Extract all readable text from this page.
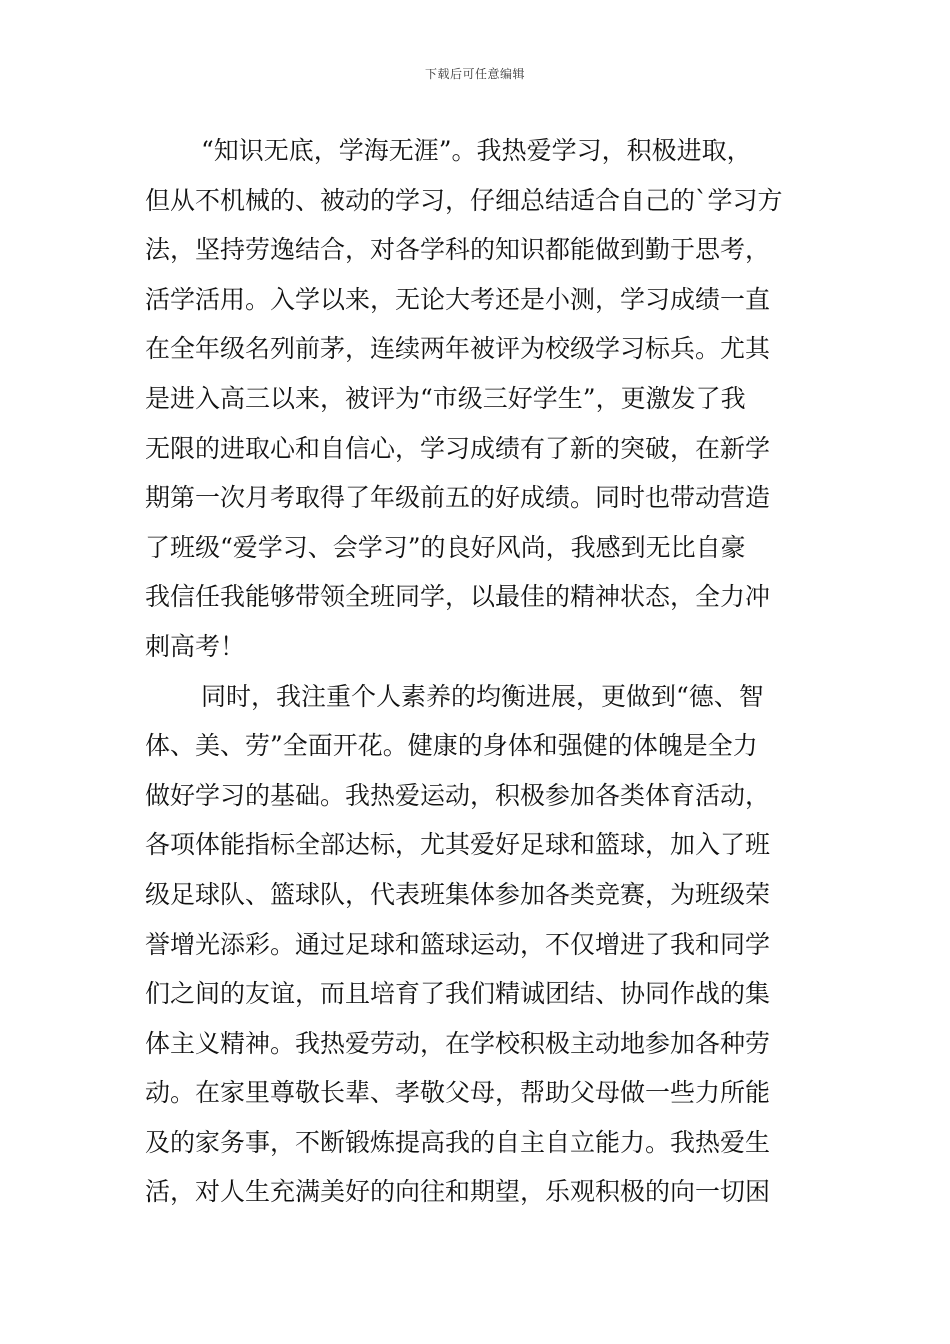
下载后可任意编辑
“知识无底，学海无涯”。我热爱学习，积极进取，
但从不机械的、被动的学习，仔细总结适合自己的`学习方
法，坚持劳逸结合，对各学科的知识都能做到勤于思考，
活学活用。入学以来，无论大考还是小测，学习成绩一直
在全年级名列前茅，连续两年被评为校级学习标兵。尤其
是进入高三以来，被评为“市级三好学生”，更激发了我
无限的进取心和自信心，学习成绩有了新的突破，在新学
期第一次月考取得了年级前五的好成绩。同时也带动营造
了班级“爱学习、会学习”的良好风尚，我感到无比自豪
我信任我能够带领全班同学，以最佳的精神状态，全力冲
刺高考！
同时，我注重个人素养的均衡进展，更做到“德、智
体、美、劳”全面开花。健康的身体和强健的体魄是全力
做好学习的基础。我热爱运动，积极参加各类体育活动，
各项体能指标全部达标，尤其爱好足球和篮球，加入了班
级足球队、篮球队，代表班集体参加各类竞赛，为班级荣
誉增光添彩。通过足球和篮球运动，不仅增进了我和同学
们之间的友谊，而且培育了我们精诚团结、协同作战的集
体主义精神。我热爱劳动，在学校积极主动地参加各种劳
动。在家里尊敬长辈、孝敬父母，帮助父母做一些力所能
及的家务事，不断锻炼提高我的自主自立能力。我热爱生
活，对人生充满美好的向往和期望，乐观积极的向一切困
